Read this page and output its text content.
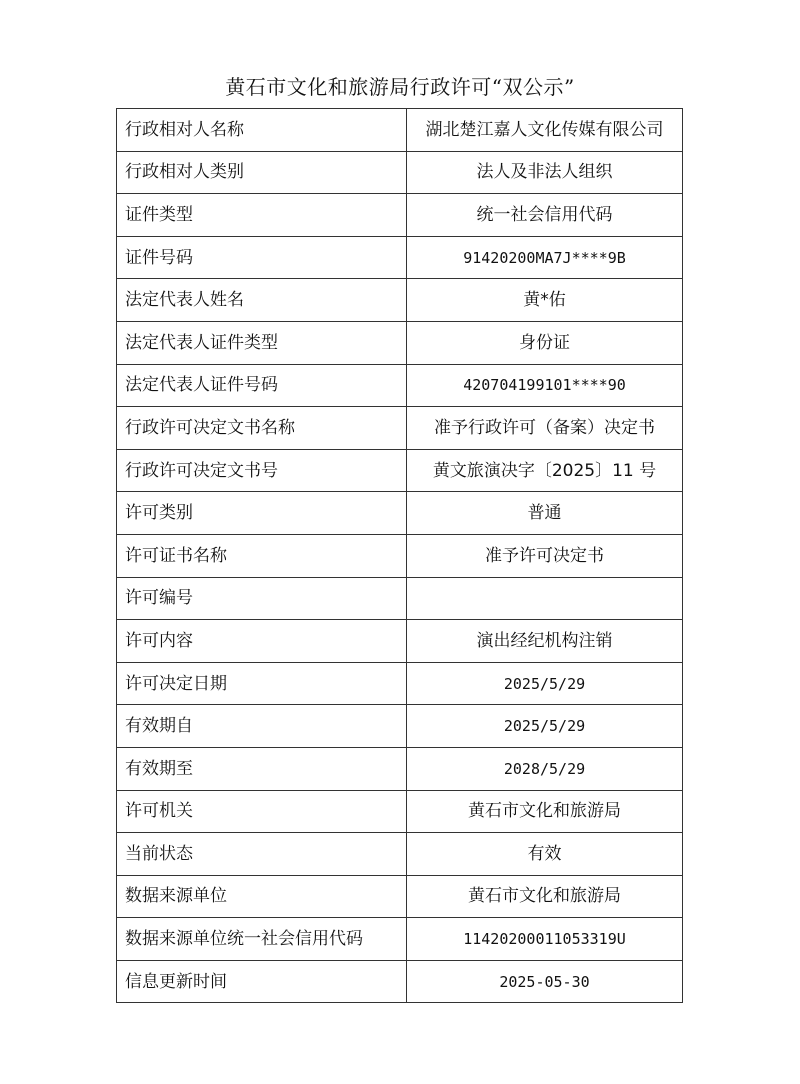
黄石市文化和旅游局行政许可“双公示”
行政相对人名称	湖北楚江嘉人文化传媒有限公司
行政相对人类别	法人及非法人组织
证件类型	统一社会信用代码
证件号码	91420200MA7J****9B
法定代表人姓名	黄*佑
法定代表人证件类型	身份证
法定代表人证件号码	420704199101****90
行政许可决定文书名称	准予行政许可（备案）决定书
行政许可决定文书号	黄文旅演决字〔2025〕11 号
许可类别	普通
许可证书名称	准予许可决定书
许可编号	
许可内容	演出经纪机构注销
许可决定日期	2025/5/29
有效期自	2025/5/29
有效期至	2028/5/29
许可机关	黄石市文化和旅游局
当前状态	有效
数据来源单位	黄石市文化和旅游局
数据来源单位统一社会信用代码	11420200011053319U
信息更新时间	2025-05-30
